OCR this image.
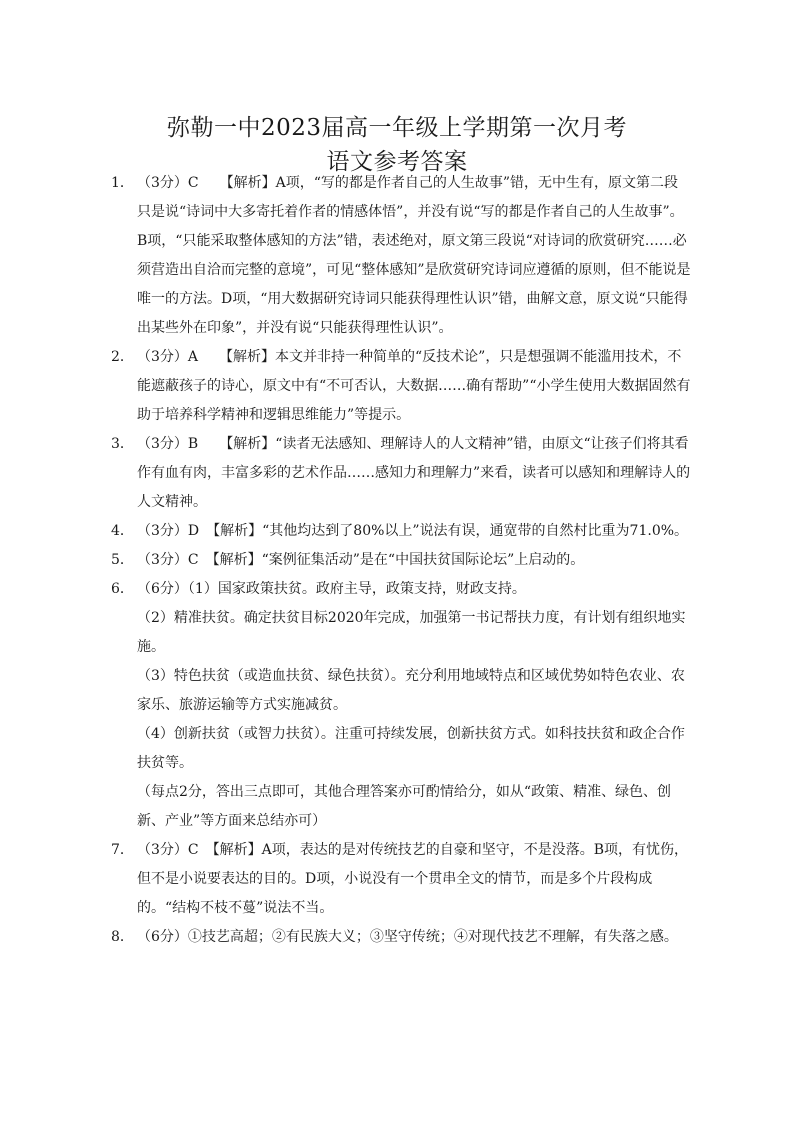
弥勒一中2023届高一年级上学期第一次月考
语文参考答案
1． （3分）C　　【解析】A项，“写的都是作者自己的人生故事”错，无中生有，原文第二段只是说“诗词中大多寄托着作者的情感体悟”，并没有说“写的都是作者自己的人生故事”。B项，“只能采取整体感知的方法”错，表述绝对，原文第三段说“对诗词的欣赏研究……必须营造出自洽而完整的意境”，可见“整体感知”是欣赏研究诗词应遵循的原则，但不能说是唯一的方法。D项，“用大数据研究诗词只能获得理性认识”错，曲解文意，原文说“只能得出某些外在印象”，并没有说“只能获得理性认识”。
2． （3分）A　　【解析】本文并非持一种简单的“反技术论”，只是想强调不能滥用技术，不能遮蔽孩子的诗心，原文中有“不可否认，大数据……确有帮助”“小学生使用大数据固然有助于培养科学精神和逻辑思维能力”等提示。
3． （3分）B　　【解析】“读者无法感知、理解诗人的人文精神”错，由原文“让孩子们将其看作有血有肉，丰富多彩的艺术作品……感知力和理解力”来看，读者可以感知和理解诗人的人文精神。
4． （3分）D　【解析】“其他均达到了80%以上”说法有误，通宽带的自然村比重为71.0%。
5． （3分）C　【解析】“案例征集活动”是在“中国扶贫国际论坛”上启动的。
6． （6分）（1）国家政策扶贫。政府主导，政策支持，财政支持。
（2）精准扶贫。确定扶贫目标2020年完成，加强第一书记帮扶力度，有计划有组织地实施。
（3）特色扶贫（或造血扶贫、绿色扶贫）。充分利用地域特点和区域优势如特色农业、农家乐、旅游运输等方式实施减贫。
（4）创新扶贫（或智力扶贫）。注重可持续发展，创新扶贫方式。如科技扶贫和政企合作扶贫等。
（每点2分，答出三点即可，其他合理答案亦可酌情给分，如从“政策、精准、绿色、创新、产业”等方面来总结亦可）
7． （3分）C　【解析】A项，表达的是对传统技艺的自豪和坚守，不是没落。B项，有忧伤，但不是小说要表达的目的。D项，小说没有一个贯串全文的情节，而是多个片段构成的。“结构不枝不蔓”说法不当。
8． （6分）①技艺高超；②有民族大义；③坚守传统；④对现代技艺不理解，有失落之感。
